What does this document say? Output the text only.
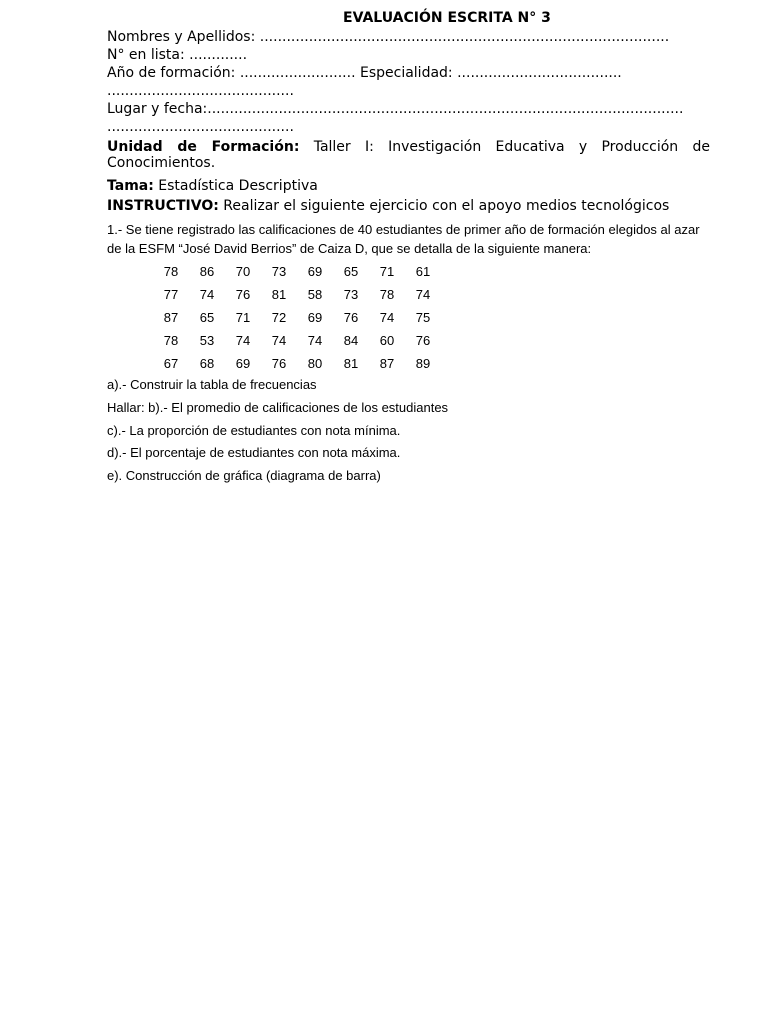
EVALUACIÓN ESCRITA N° 3
Nombres y Apellidos: ............................................................................................
N° en lista: .............
Año de formación: .......................... Especialidad: .....................................
..........................................
Lugar y fecha:...........................................................................................................
..........................................
Unidad de Formación: Taller I: Investigación Educativa y Producción de Conocimientos.
Tama: Estadística Descriptiva
INSTRUCTIVO: Realizar el siguiente ejercicio con el apoyo medios tecnológicos
1.- Se tiene registrado las calificaciones de 40 estudiantes de primer año de formación elegidos al azar de la ESFM “José David Berrios” de Caiza D, que se detalla de la siguiente manera:
78	86	70	73	69	65	71	61
77	74	76	81	58	73	78	74
87	65	71	72	69	76	74	75
78	53	74	74	74	84	60	76
67	68	69	76	80	81	87	89
a).- Construir la tabla de frecuencias
Hallar: b).- El promedio de calificaciones de los estudiantes
c).- La proporción de estudiantes con nota mínima.
d).- El porcentaje de estudiantes con nota máxima.
e). Construcción de gráfica (diagrama de barra)
